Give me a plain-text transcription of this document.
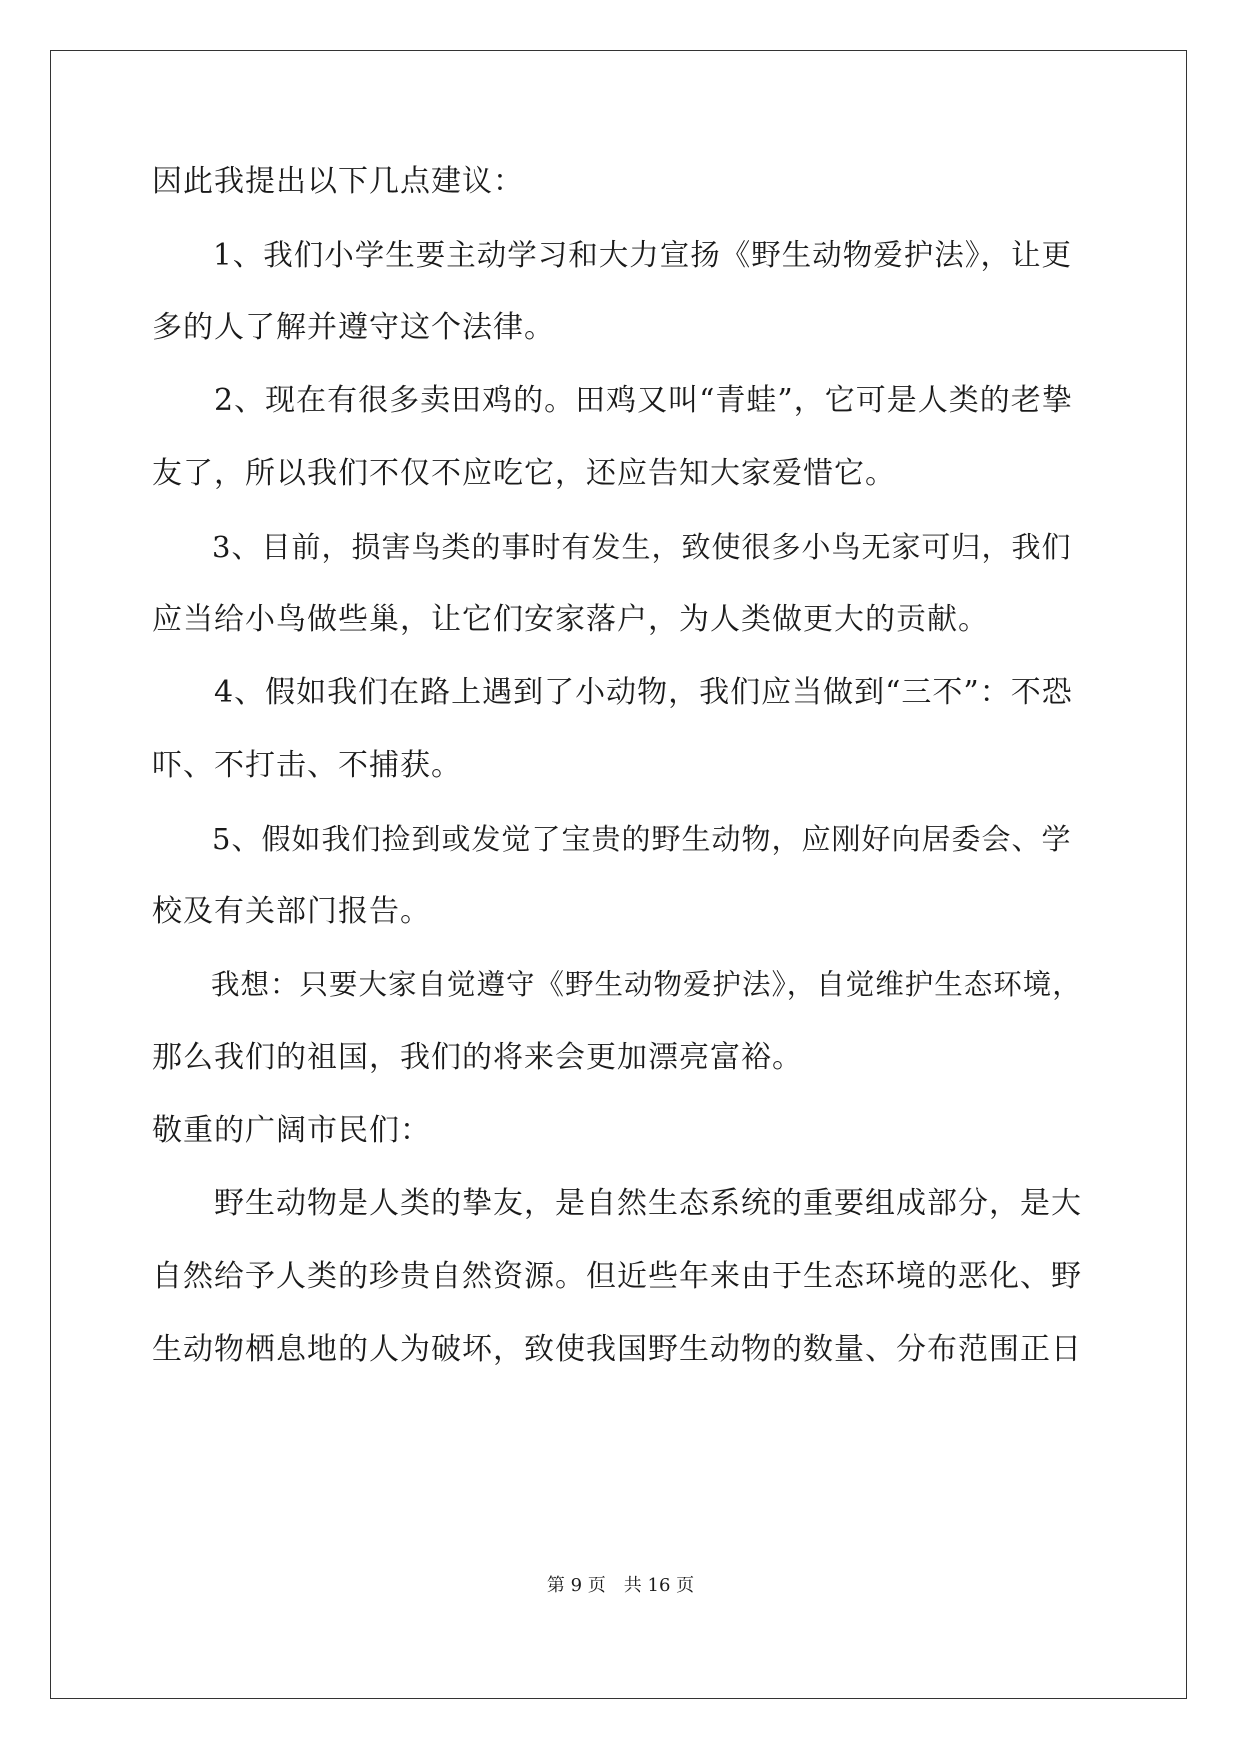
因此我提出以下几点建议：
　　1、我们小学生要主动学习和大力宣扬《野生动物爱护法》，让更
多的人了解并遵守这个法律。
　　2、现在有很多卖田鸡的。田鸡又叫“青蛙”，它可是人类的老挚
友了，所以我们不仅不应吃它，还应告知大家爱惜它。
　　3、目前，损害鸟类的事时有发生，致使很多小鸟无家可归，我们
应当给小鸟做些巢，让它们安家落户，为人类做更大的贡献。
　　4、假如我们在路上遇到了小动物，我们应当做到“三不”：不恐
吓、不打击、不捕获。
　　5、假如我们捡到或发觉了宝贵的野生动物，应刚好向居委会、学
校及有关部门报告。
　　我想：只要大家自觉遵守《野生动物爱护法》，自觉维护生态环境，
那么我们的祖国，我们的将来会更加漂亮富裕。
敬重的广阔市民们：
　　野生动物是人类的挚友，是自然生态系统的重要组成部分，是大
自然给予人类的珍贵自然资源。但近些年来由于生态环境的恶化、野
生动物栖息地的人为破坏，致使我国野生动物的数量、分布范围正日
第 9 页　 共 16 页
